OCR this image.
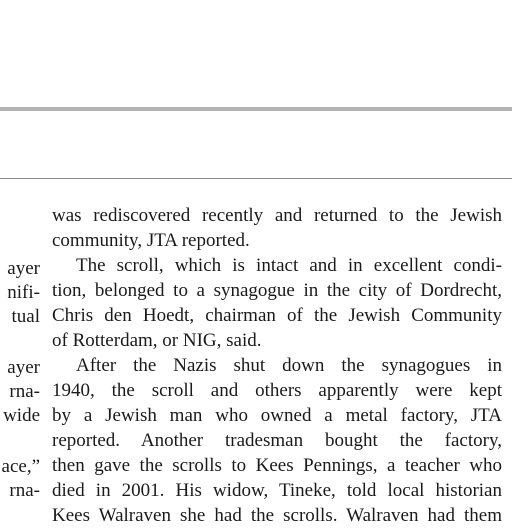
ayer
nifi-
tual
ayer
rna-
wide
ace,”
rna-
was rediscovered recently and returned to the Jewish
community, JTA reported.
The scroll, which is intact and in excellent condi-
tion, belonged to a synagogue in the city of Dordrecht,
Chris den Hoedt, chairman of the Jewish Community
of Rotterdam, or NIG, said.
After the Nazis shut down the synagogues in
1940, the scroll and others apparently were kept
by a Jewish man who owned a metal factory, JTA
reported. Another tradesman bought the factory,
then gave the scrolls to Kees Pennings, a teacher who
died in 2001. His widow, Tineke, told local historian
Kees Walraven she had the scrolls. Walraven had them
